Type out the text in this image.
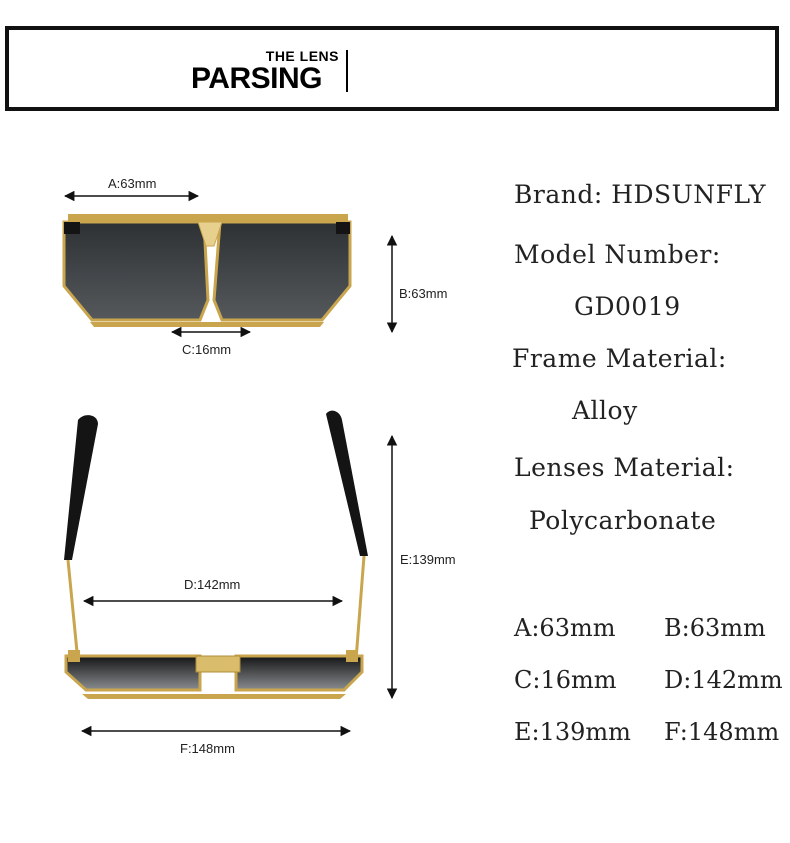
THE LENS
PARSING
A:63mm
B:63mm
C:16mm
D:142mm
E:139mm
F:148mm
Brand: HDSUNFLY
Model Number:
GD0019
Frame Material:
Alloy
Lenses Material:
Polycarbonate
A:63mm B:63mm
C:16mm D:142mm
E:139mm F:148mm
